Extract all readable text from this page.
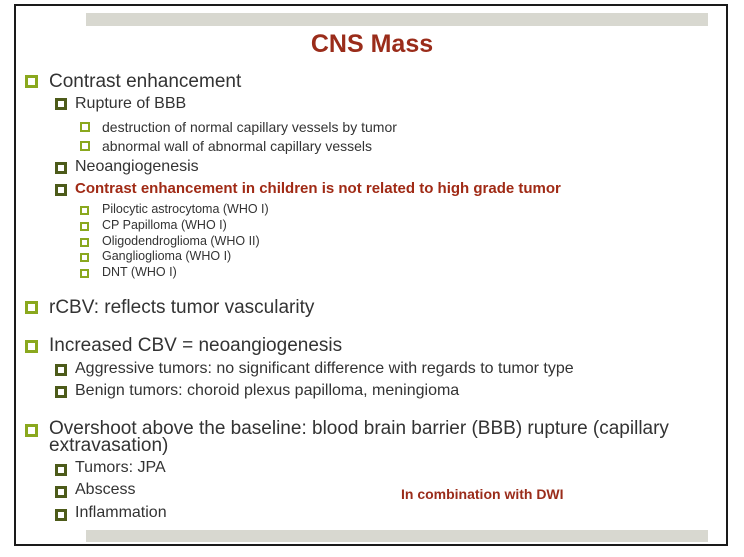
CNS Mass
Contrast enhancement
Rupture of BBB
destruction of normal capillary vessels by tumor
abnormal wall of abnormal capillary vessels
Neoangiogenesis
Contrast enhancement in children is not related to high grade tumor
Pilocytic astrocytoma (WHO I)
CP Papilloma (WHO I)
Oligodendroglioma (WHO II)
Ganglioglioma (WHO I)
DNT (WHO I)
rCBV: reflects tumor vascularity
Increased CBV = neoangiogenesis
Aggressive tumors: no significant difference with regards to tumor type
Benign tumors: choroid plexus papilloma, meningioma
Overshoot above the baseline: blood brain barrier (BBB) rupture (capillary
extravasation)
Tumors: JPA
Abscess
Inflammation
In combination with DWI
